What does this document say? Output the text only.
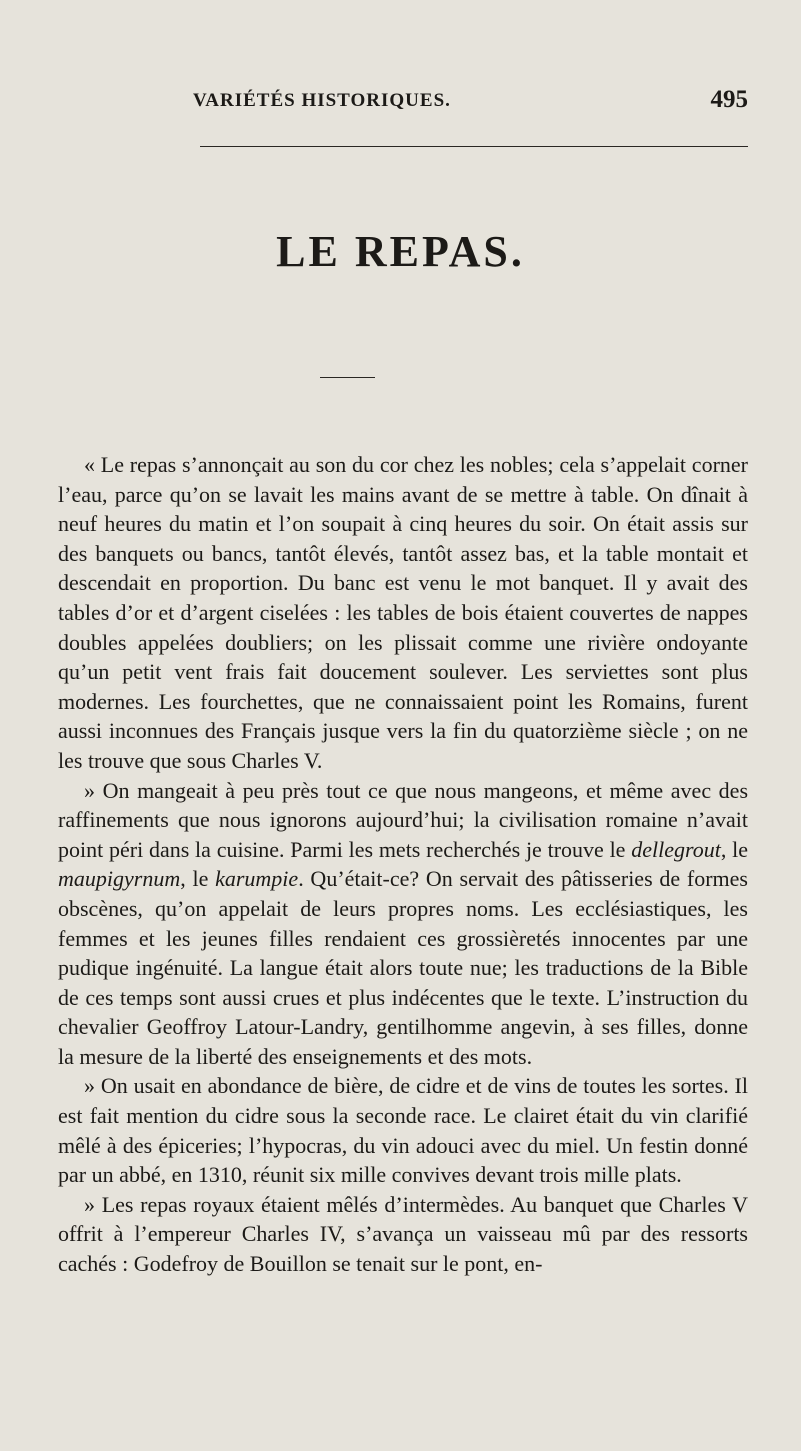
VARIÉTÉS HISTORIQUES.	495
LE REPAS.

« Le repas s’annonçait au son du cor chez les nobles; cela s’appelait corner l’eau, parce qu’on se lavait les mains avant de se mettre à table. On dînait à neuf heures du matin et l’on soupait à cinq heures du soir. On était assis sur des banquets ou bancs, tantôt élevés, tantôt assez bas, et la table montait et descendait en proportion. Du banc est venu le mot banquet. Il y avait des tables d’or et d’argent ciselées : les tables de bois étaient couvertes de nappes doubles appelées doubliers; on les plissait comme une rivière ondoyante qu’un petit vent frais fait doucement soulever. Les serviettes sont plus modernes. Les fourchettes, que ne connaissaient point les Romains, furent aussi inconnues des Français jusque vers la fin du quatorzième siècle ; on ne les trouve que sous Charles V.

» On mangeait à peu près tout ce que nous mangeons, et même avec des raffinements que nous ignorons aujourd’hui; la civilisation romaine n’avait point péri dans la cuisine. Parmi les mets recherchés je trouve le dellegrout, le maupigyrnum, le karumpie. Qu’était-ce? On servait des pâtisseries de formes obscènes, qu’on appelait de leurs propres noms. Les ecclésiastiques, les femmes et les jeunes filles rendaient ces grossièretés innocentes par une pudique ingénuité. La langue était alors toute nue; les traductions de la Bible de ces temps sont aussi crues et plus indécentes que le texte. L’instruction du chevalier Geoffroy Latour-Landry, gentilhomme angevin, à ses filles, donne la mesure de la liberté des enseignements et des mots.

» On usait en abondance de bière, de cidre et de vins de toutes les sortes. Il est fait mention du cidre sous la seconde race. Le clairet était du vin clarifié mêlé à des épiceries; l’hypocras, du vin adouci avec du miel. Un festin donné par un abbé, en 1310, réunit six mille convives devant trois mille plats.

» Les repas royaux étaient mêlés d’intermèdes. Au banquet que Charles V offrit à l’empereur Charles IV, s’avança un vaisseau mû par des ressorts cachés : Godefroy de Bouillon se tenait sur le pont, en-
